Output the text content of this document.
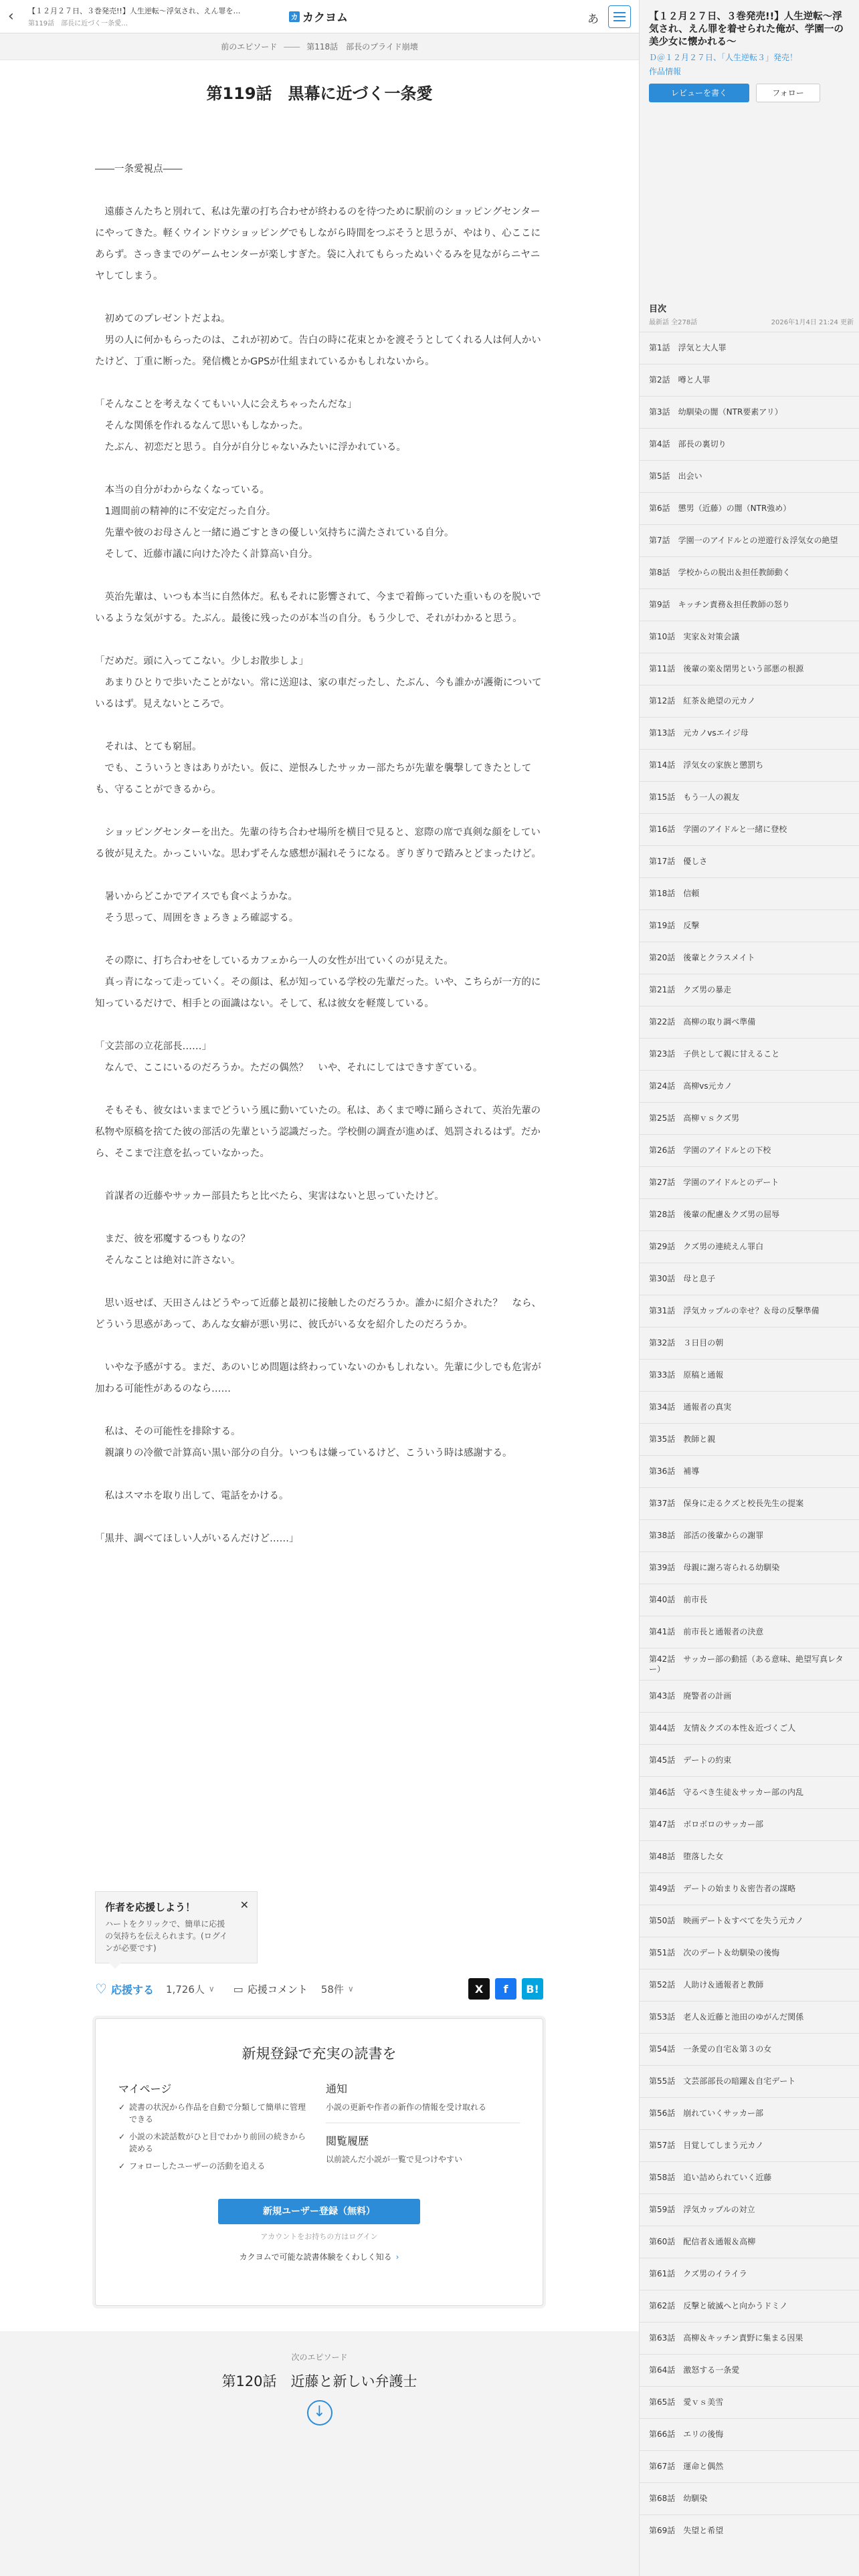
‹	【１２月２７日、３巻発売!!】人生逆転〜浮気され、えん罪を…
第119話　部長に近づく一条愛…
カ カクヨム	あ
前のエピソード ―― 第118話　部長のプライド崩壊
第119話　黒幕に近づく一条愛

――一条愛視点――

　遠藤さんたちと別れて、私は先輩の打ち合わせが終わるのを待つために駅前のショッピングセンターにやってきた。軽くウインドウショッピングでもしながら時間をつぶそうと思うが、やはり、心ここにあらず。さっきまでのゲームセンターが楽しすぎた。袋に入れてもらったぬいぐるみを見ながらニヤニヤしてしまう。

　初めてのプレゼントだよね。

　男の人に何かもらったのは、これが初めて。告白の時に花束とかを渡そうとしてくれる人は何人かいたけど、丁重に断った。発信機とかGPSが仕組まれているかもしれないから。

「そんなことを考えなくてもいい人に会えちゃったんだな」

　そんな関係を作れるなんて思いもしなかった。

　たぶん、初恋だと思う。自分が自分じゃないみたいに浮かれている。

　本当の自分がわからなくなっている。

　1週間前の精神的に不安定だった自分。

　先輩や彼のお母さんと一緒に過ごすときの優しい気持ちに満たされている自分。

　そして、近藤市議に向けた冷たく計算高い自分。

　英治先輩は、いつも本当に自然体だ。私もそれに影響されて、今まで着飾っていた重いものを脱いでいるような気がする。たぶん。最後に残ったのが本当の自分。もう少しで、それがわかると思う。

「だめだ。頭に入ってこない。少しお散歩しよ」

　あまりひとりで歩いたことがない。常に送迎は、家の車だったし、たぶん、今も誰かが護衛についているはず。見えないところで。

　それは、とても窮屈。

　でも、こういうときはありがたい。仮に、逆恨みしたサッカー部たちが先輩を襲撃してきたとしても、守ることができるから。

　ショッピングセンターを出た。先輩の待ち合わせ場所を横目で見ると、窓際の席で真剣な顔をしている彼が見えた。かっこいいな。思わずそんな感想が漏れそうになる。ぎりぎりで踏みとどまったけど。

　暑いからどこかでアイスでも食べようかな。

　そう思って、周囲をきょろきょろ確認する。

　その際に、打ち合わせをしているカフェから一人の女性が出ていくのが見えた。

　真っ青になって走っていく。その顔は、私が知っている学校の先輩だった。いや、こちらが一方的に知っているだけで、相手との面識はない。そして、私は彼女を軽蔑している。

「文芸部の立花部長……」

　なんで、ここにいるのだろうか。ただの偶然？　いや、それにしてはできすぎている。

　そもそも、彼女はいままでどういう風に動いていたの。私は、あくまで噂に踊らされて、英治先輩の私物や原稿を捨てた彼の部活の先輩という認識だった。学校側の調査が進めば、処罰されるはず。だから、そこまで注意を払っていなかった。

　首謀者の近藤やサッカー部員たちと比べたら、実害はないと思っていたけど。

　まだ、彼を邪魔するつもりなの？

　そんなことは絶対に許さない。

　思い返せば、天田さんはどうやって近藤と最初に接触したのだろうか。誰かに紹介された？　なら、どういう思惑があって、あんな女癖が悪い男に、彼氏がいる女を紹介したのだろうか。

　いやな予感がする。まだ、あのいじめ問題は終わっていないのかもしれない。先輩に少しでも危害が加わる可能性があるのなら……

　私は、その可能性を排除する。

　親譲りの冷徹で計算高い黒い部分の自分。いつもは嫌っているけど、こういう時は感謝する。

　私はスマホを取り出して、電話をかける。

「黒井、調べてほしい人がいるんだけど……」

作者を応援しよう！
ハートをクリックで、簡単に応援の気持ちを伝えられます。(ログインが必要です)
✕
♡ 応援する 1,726人 ∨ ▭ 応援コメント 58件 ∨	X	f	B!
新規登録で充実の読書を
マイページ
✓ 読書の状況から作品を自動で分類して簡単に管理できる
✓ 小説の未読話数がひと目でわかり前回の続きから読める
✓ フォローしたユーザーの活動を追える
通知
小説の更新や作者の新作の情報を受け取れる
閲覧履歴
以前読んだ小説が一覧で見つけやすい
新規ユーザー登録（無料）
アカウントをお持ちの方はログイン
カクヨムで可能な読書体験をくわしく知る ›
次のエピソード
第120話　近藤と新しい弁護士
↓
【１２月２７日、３巻発売!!】人生逆転〜浮気され、えん罪を着せられた俺が、学園一の美少女に懐かれる〜
Ｄ＠１２月２７日、「人生逆転３」発売！
作品情報
レビューを書く	フォロー
目次
最新話 全278話	2026年1月4日 21:24 更新
第1話　浮気と大人罪
第2話　噂と人罪
第3話　幼馴染の闇（NTR要素アリ）
第4話　部長の裏切り
第5話　出会い
第6話　懲男（近藤）の闇（NTR強め）
第7話　学園一のアイドルとの逆遊行＆浮気女の絶望
第8話　学校からの脱出＆担任教師動く
第9話　キッチン責務＆担任教師の怒り
第10話　実家＆対策会議
第11話　後輩の楽＆閉男という部悪の根源
第12話　紅茶＆絶望の元カノ
第13話　元カノvsエイジ母
第14話　浮気女の家族と懲罰ち
第15話　もう一人の親友
第16話　学園のアイドルと一緒に登校
第17話　優しさ
第18話　信頼
第19話　反撃
第20話　後輩とクラスメイト
第21話　クズ男の暴走
第22話　高柳の取り調べ準備
第23話　子供として親に甘えること
第24話　高柳vs元カノ
第25話　高柳ｖｓクズ男
第26話　学園のアイドルとの下校
第27話　学園のアイドルとのデート
第28話　後輩の配慮＆クズ男の屈辱
第29話　クズ男の連続えん罪白
第30話　母と息子
第31話　浮気カップルの幸せ？＆母の反撃準備
第32話　３日目の朝
第33話　原稿と通報
第34話　通報者の真実
第35話　教師と親
第36話　補導
第37話　保身に走るクズと校長先生の提案
第38話　部活の後輩からの謝罪
第39話　母親に謝ろ寄られる幼馴染
第40話　前市長
第41話　前市長と通報者の決意
第42話　サッカー部の動揺（ある意味、絶望写真レター）
第43話　廃警者の計画
第44話　友情＆クズの本性＆近づくご人
第45話　デートの約束
第46話　守るべき生徒＆サッカー部の内乱
第47話　ボロボロのサッカー部
第48話　堕落した女
第49話　デートの始まり＆密告者の謀略
第50話　映画デート＆すべてを失う元カノ
第51話　次のデート＆幼馴染の後悔
第52話　人助け＆通報者と教師
第53話　老人＆近藤と池田のゆがんだ関係
第54話　一条愛の自宅＆第３の女
第55話　文芸部部長の暗躍＆自宅デート
第56話　崩れていくサッカー部
第57話　目覚してしまう元カノ
第58話　追い詰められていく近藤
第59話　浮気カップルの対立
第60話　配信者＆通報＆高柳
第61話　クズ男のイライラ
第62話　反撃と破滅へと向かうドミノ
第63話　高柳＆キッチン責野に集まる因果
第64話　激怒する一条愛
第65話　愛ｖｓ美雪
第66話　エリの後悔
第67話　運命と偶然
第68話　幼馴染
第69話　失望と希望
